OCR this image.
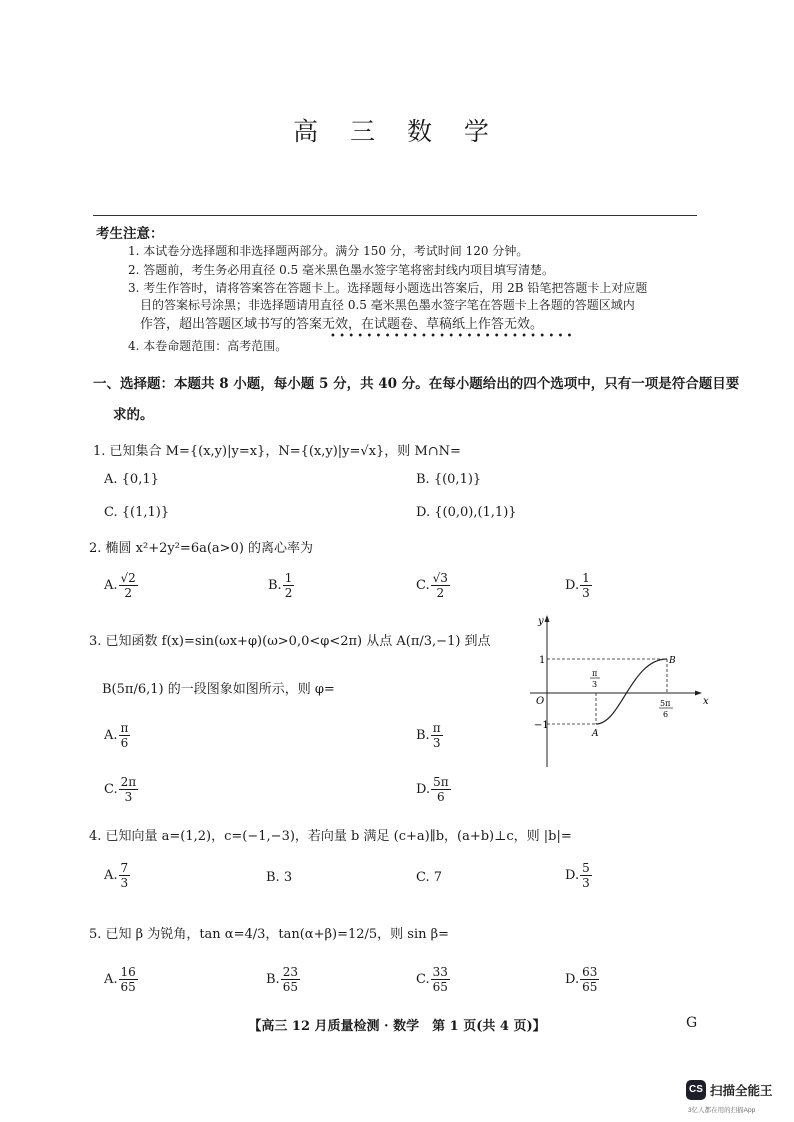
高 三 数 学
考生注意：
1. 本试卷分选择题和非选择题两部分。满分 150 分，考试时间 120 分钟。
2. 答题前，考生务必用直径 0.5 毫米黑色墨水签字笔将密封线内项目填写清楚。
3. 考生作答时，请将答案答在答题卡上。选择题每小题选出答案后，用 2B 铅笔把答题卡上对应题
目的答案标号涂黑；非选择题请用直径 0.5 毫米黑色墨水签字笔在答题卡上各题的答题区域内
作答，超出答题区域书写的答案无效，在试题卷、草稿纸上作答无效。
•••••••••••••••••••••••••••
4. 本卷命题范围：高考范围。
一、选择题：本题共 8 小题，每小题 5 分，共 40 分。在每小题给出的四个选项中，只有一项是符合题目要
求的。
1. 已知集合 M={(x,y)|y=x}，N={(x,y)|y=√x}，则 M∩N=
A. {0,1}	B. {(0,1)}
C. {(1,1)}	D. {(0,0),(1,1)}
2. 椭圆 x²+2y²=6a(a>0) 的离心率为
A. $\frac{√2}{2}$	B. $\frac{1}{2}$	C. $\frac{√3}{2}$	D. $\frac{1}{3}$
3. 已知函数 f(x)=sin(ωx+φ)(ω>0,0<φ<2π) 从点 A(π/3,−1) 到点
B(5π/6,1) 的一段图象如图所示，则 φ=
A. $\frac{\pi}{6}$	B. $\frac{\pi}{3}$
C. $\frac{2\pi}{3}$	D. $\frac{5\pi}{6}$
y
x
O
1
−1
π
3
5π
6
A
B
4. 已知向量 a=(1,2)，c=(−1,−3)，若向量 b 满足 (c+a)∥b，(a+b)⊥c，则 |b|=
A. $\frac{7}{3}$	B. 3	C. 7	D. $\frac{5}{3}$
5. 已知 β 为锐角，tan α=4/3，tan(α+β)=12/5，则 sin β=
A. $\frac{16}{65}$	B. $\frac{23}{65}$	C. $\frac{33}{65}$	D. $\frac{63}{65}$
【高三 12 月质量检测 · 数学　第 1 页(共 4 页)】	G
CS 扫描全能王
3亿人都在用的扫描App
